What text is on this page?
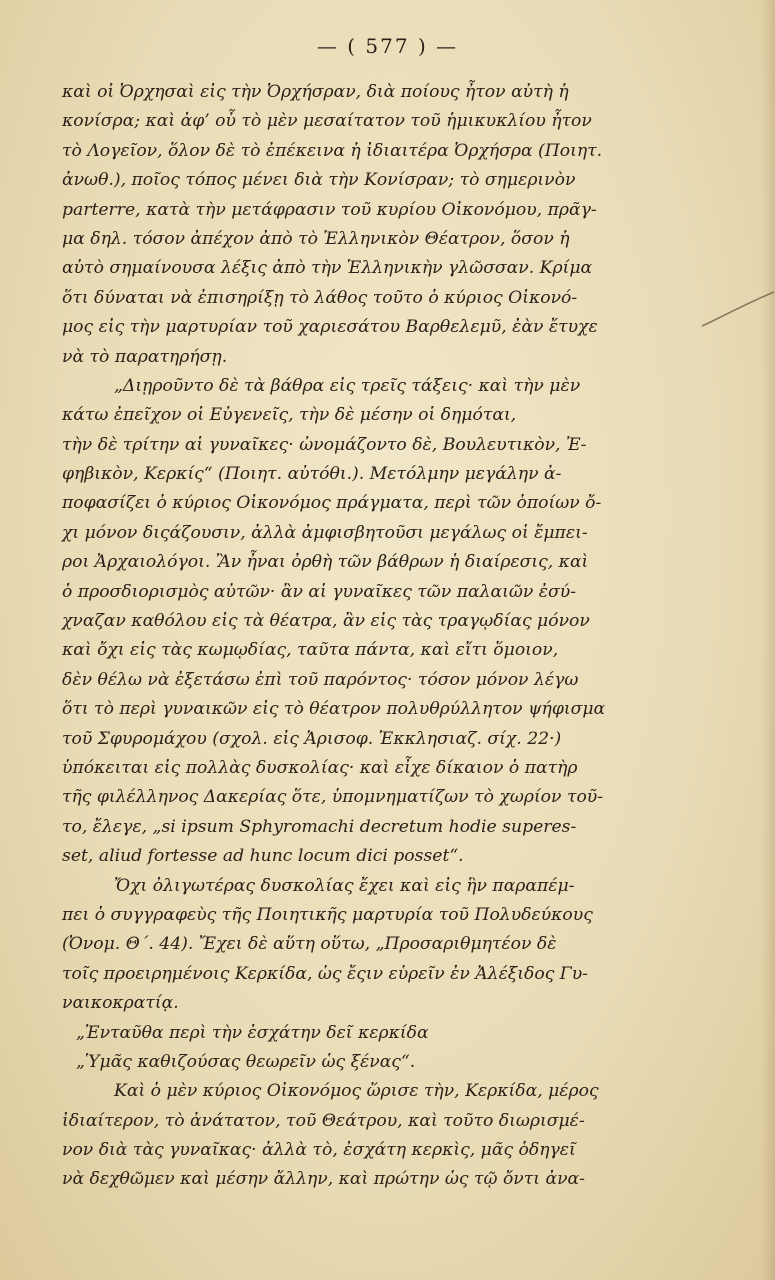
— ( 577 ) —
καὶ οἱ Ὀρχησαὶ εἰς τὴν Ὀρχήσραν, διὰ ποίους ἦτον αὐτὴ ἡ
κονίσρα; καὶ ἀφ’ οὗ τὸ μὲν μεσαίτατον τοῦ ἡμικυκλίου ἦτον
τὸ Λογεῖον, ὅλον δὲ τὸ ἐπέκεινα ἡ ἰδιαιτέρα Ὀρχήσρα (Ποιητ.
ἀνωθ.), ποῖος τόπος μένει διὰ τὴν Κονίσραν; τὸ σημερινὸν
parterre, κατὰ τὴν μετάφρασιν τοῦ κυρίου Οἰκονόμου, πρᾶγ-
μα δηλ. τόσον ἀπέχον ἀπὸ τὸ Ἑλληνικὸν Θέατρον, ὅσον ἡ
αὐτὸ σημαίνουσα λέξις ἀπὸ τὴν Ἑλληνικὴν γλῶσσαν. Κρίμα
ὅτι δύναται νὰ ἐπισηρίξῃ τὸ λάθος τοῦτο ὁ κύριος Οἰκονό-
μος εἰς τὴν μαρτυρίαν τοῦ χαριεσάτου Βαρθελεμῦ, ἐὰν ἔτυχε
νὰ τὸ παρατηρήσῃ.
„Διῃροῦντο δὲ τὰ βάθρα εἰς τρεῖς τάξεις· καὶ τὴν μὲν
κάτω ἐπεῖχον οἱ Εὐγενεῖς, τὴν δὲ μέσην οἱ δημόται,
τὴν δὲ τρίτην αἱ γυναῖκες· ὠνομάζοντο δὲ, Βουλευτικὸν, Ἐ-
φηβικὸν, Κερκίς“ (Ποιητ. αὐτόθι.). Μετόλμην μεγάλην ἀ-
ποφασίζει ὁ κύριος Οἰκονόμος πράγματα, περὶ τῶν ὁποίων ὄ-
χι μόνον διςάζουσιν, ἀλλὰ ἀμφισβητοῦσι μεγάλως οἱ ἔμπει-
ροι Ἀρχαιολόγοι. Ἂν ἦναι ὀρθὴ τῶν βάθρων ἡ διαίρεσις, καὶ
ὁ προσδιορισμὸς αὐτῶν· ἂν αἱ γυναῖκες τῶν παλαιῶν ἐσύ-
χναζαν καθόλου εἰς τὰ θέατρα, ἂν εἰς τὰς τραγῳδίας μόνον
καὶ ὄχι εἰς τὰς κωμῳδίας, ταῦτα πάντα, καὶ εἴτι ὅμοιον,
δὲν θέλω νὰ ἐξετάσω ἐπὶ τοῦ παρόντος· τόσον μόνον λέγω
ὅτι τὸ περὶ γυναικῶν εἰς τὸ θέατρον πολυθρύλλητον ψήφισμα
τοῦ Σφυρομάχου (σχολ. εἰς Ἀρισοφ. Ἐκκλησιαζ. σίχ. 22·)
ὑπόκειται εἰς πολλὰς δυσκολίας· καὶ εἶχε δίκαιον ὁ πατὴρ
τῆς φιλέλληνος Δακερίας ὅτε, ὑπομνηματίζων τὸ χωρίον τοῦ-
το, ἔλεγε, „si ipsum Sphyromachi decretum hodie superes-
set, aliud fortesse ad hunc locum dici posset“.
Ὄχι ὀλιγωτέρας δυσκολίας ἔχει καὶ εἰς ἣν παραπέμ-
πει ὁ συγγραφεὺς τῆς Ποιητικῆς μαρτυρία τοῦ Πολυδεύκους
(Ὀνομ. Θ΄. 44). Ἔχει δὲ αὕτη οὕτω, „Προσαριθμητέον δὲ
τοῖς προειρημένοις Κερκίδα, ὡς ἔςιν εὑρεῖν ἐν Ἀλέξιδος Γυ-
ναικοκρατίᾳ.
„Ἐνταῦθα περὶ τὴν ἐσχάτην δεῖ κερκίδα
„Ὑμᾶς καθιζούσας θεωρεῖν ὡς ξένας“.
Καὶ ὁ μὲν κύριος Οἰκονόμος ὥρισε τὴν, Κερκίδα, μέρος
ἰδιαίτερον, τὸ ἀνάτατον, τοῦ Θεάτρου, καὶ τοῦτο διωρισμέ-
νον διὰ τὰς γυναῖκας· ἀλλὰ τὸ, ἐσχάτη κερκὶς, μᾶς ὁδηγεῖ
νὰ δεχθῶμεν καὶ μέσην ἄλλην, καὶ πρώτην ὡς τῷ ὄντι ἀνα-
